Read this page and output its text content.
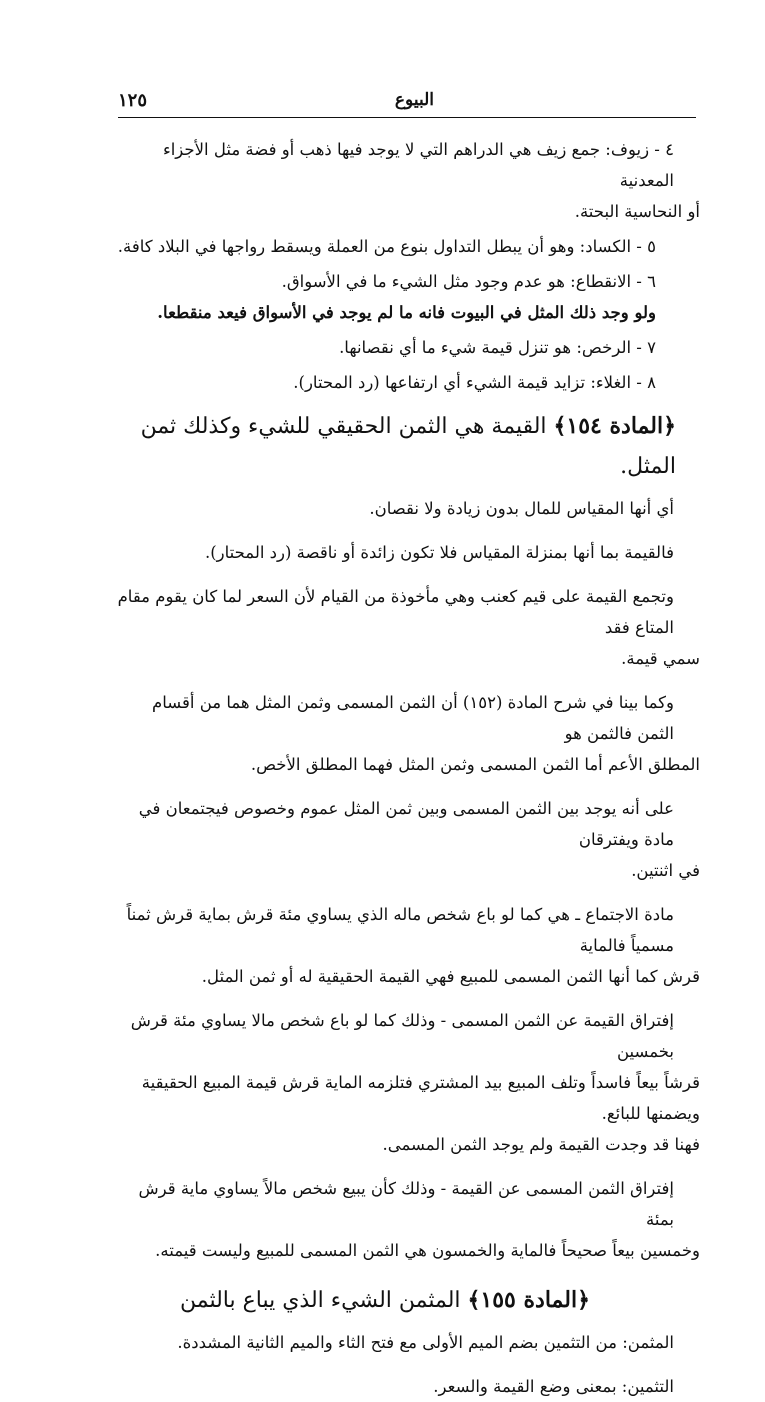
البيوع
١٢٥

٤ - زيوف: جمع زيف هي الدراهم التي لا يوجد فيها ذهب أو فضة مثل الأجزاء المعدنية

أو النحاسية البحتة.

٥ - الكساد: وهو أن يبطل التداول بنوع من العملة ويسقط رواجها في البلاد كافة.

٦ - الانقطاع: هو عدم وجود مثل الشيء ما في الأسواق.

ولو وجد ذلك المثل في البيوت فانه ما لم يوجد في الأسواق فيعد منقطعا.

٧ - الرخص: هو تنزل قيمة شيء ما أي نقصانها.

٨ - الغلاء: تزايد قيمة الشيء أي ارتفاعها (رد المحتار).

﴿المادة ١٥٤﴾ القيمة هي الثمن الحقيقي للشيء وكذلك ثمن المثل.

أي أنها المقياس للمال بدون زيادة ولا نقصان.

فالقيمة بما أنها بمنزلة المقياس فلا تكون زائدة أو ناقصة (رد المحتار).

وتجمع القيمة على قيم كعنب وهي مأخوذة من القيام لأن السعر لما كان يقوم مقام المتاع فقد

سمي قيمة.

وكما بينا في شرح المادة (١٥٢) أن الثمن المسمى وثمن المثل هما من أقسام الثمن فالثمن هو

المطلق الأعم أما الثمن المسمى وثمن المثل فهما المطلق الأخص.

على أنه يوجد بين الثمن المسمى وبين ثمن المثل عموم وخصوص فيجتمعان في مادة ويفترقان

في اثنتين.

مادة الاجتماع ـ هي كما لو باع شخص ماله الذي يساوي مئة قرش بماية قرش ثمناً مسمياً فالماية

قرش كما أنها الثمن المسمى للمبيع فهي القيمة الحقيقية له أو ثمن المثل.

إفتراق القيمة عن الثمن المسمى - وذلك كما لو باع شخص مالا يساوي مئة قرش بخمسين

قرشاً بيعاً فاسداً وتلف المبيع بيد المشتري فتلزمه الماية قرش قيمة المبيع الحقيقية ويضمنها للبائع.

فهنا قد وجدت القيمة ولم يوجد الثمن المسمى.

إفتراق الثمن المسمى عن القيمة - وذلك كأن يبيع شخص مالاً يساوي ماية قرش بمئة

وخمسين بيعاً صحيحاً فالماية والخمسون هي الثمن المسمى للمبيع وليست قيمته.

﴿المادة ١٥٥﴾ المثمن الشيء الذي يباع بالثمن

المثمن: من التثمين بضم الميم الأولى مع فتح الثاء والميم الثانية المشددة.

التثمين: بمعنى وضع القيمة والسعر.
